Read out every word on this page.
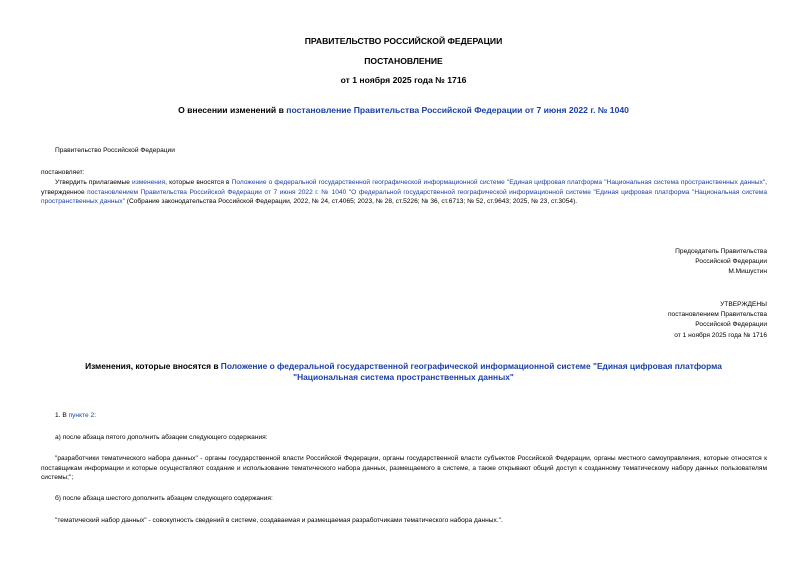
ПРАВИТЕЛЬСТВО РОССИЙСКОЙ ФЕДЕРАЦИИ
ПОСТАНОВЛЕНИЕ
от 1 ноября 2025 года № 1716
О внесении изменений в постановление Правительства Российской Федерации от 7 июня 2022 г. № 1040
Правительство Российской Федерации
постановляет:
Утвердить прилагаемые изменения, которые вносятся в Положение о федеральной государственной географической информационной системе "Единая цифровая платформа "Национальная система пространственных данных", утвержденное постановлением Правительства Российской Федерации от 7 июня 2022 г. № 1040 "О федеральной государственной географической информационной системе "Единая цифровая платформа "Национальная система пространственных данных" (Собрание законодательства Российской Федерации, 2022, № 24, ст.4065; 2023, № 28, ст.5226; № 36, ст.6713; № 52, ст.9643; 2025, № 23, ст.3054).
Председатель Правительства
Российской Федерации
М.Мишустин
УТВЕРЖДЕНЫ
постановлением Правительства
Российской Федерации
от 1 ноября 2025 года № 1716
Изменения, которые вносятся в Положение о федеральной государственной географической информационной системе "Единая цифровая платформа "Национальная система пространственных данных"
1. В пункте 2:
а) после абзаца пятого дополнить абзацем следующего содержания:
"разработчики тематического набора данных" - органы государственной власти Российской Федерации, органы государственной власти субъектов Российской Федерации, органы местного самоуправления, которые относятся к поставщикам информации и которые осуществляют создание и использование тематического набора данных, размещаемого в системе, а также открывают общий доступ к созданному тематическому набору данных пользователям системы;";
б) после абзаца шестого дополнить абзацем следующего содержания:
"тематический набор данных" - совокупность сведений в системе, создаваемая и размещаемая разработчиками тематического набора данных.".
